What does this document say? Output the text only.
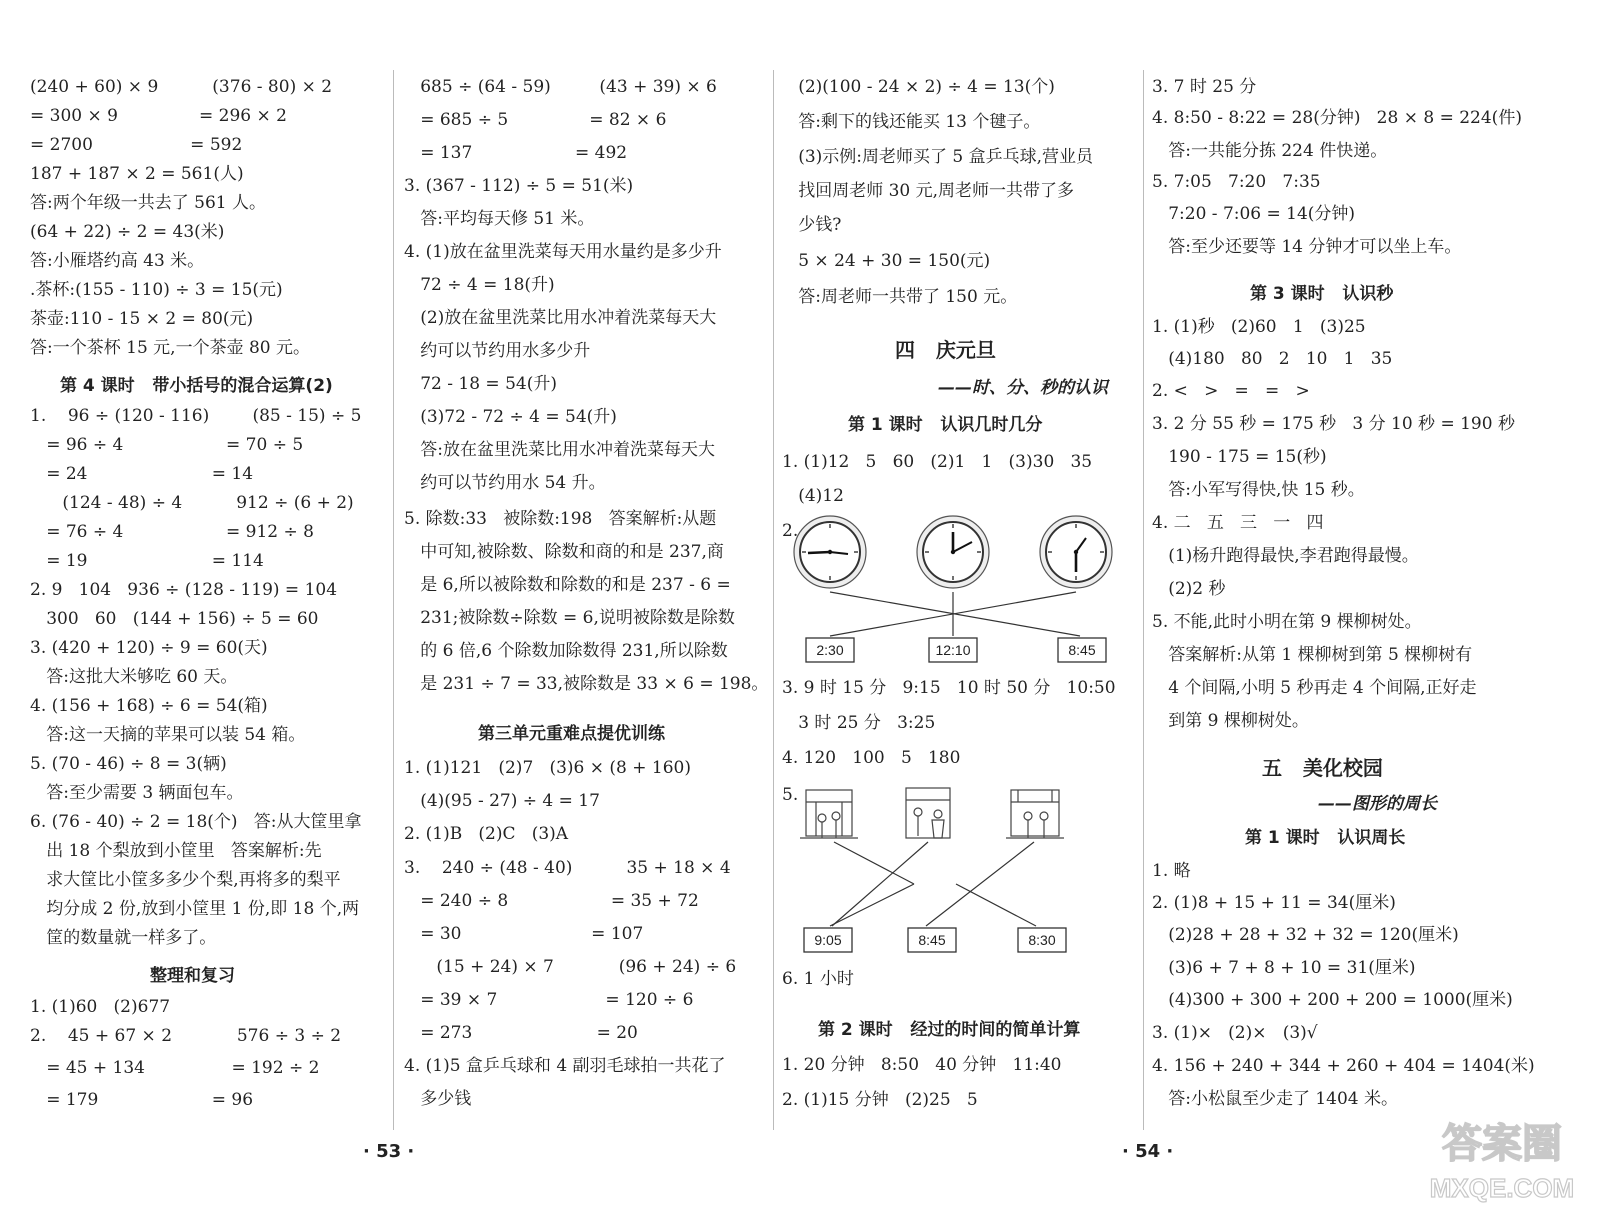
(240 + 60) × 9          (376 - 80) × 2
= 300 × 9               = 296 × 2
= 2700                  = 592
187 + 187 × 2 = 561(人)
答:两个年级一共去了 561 人。
(64 + 22) ÷ 2 = 43(米)
答:小雁塔约高 43 米。
.茶杯:(155 - 110) ÷ 3 = 15(元)
茶壶:110 - 15 × 2 = 80(元)
答:一个茶杯 15 元,一个茶壶 80 元。
第 4 课时   带小括号的混合运算(2)
1.    96 ÷ (120 - 116)        (85 - 15) ÷ 5
= 96 ÷ 4                   = 70 ÷ 5
= 24                       = 14
(124 - 48) ÷ 4          912 ÷ (6 + 2)
= 76 ÷ 4                   = 912 ÷ 8
= 19                       = 114
2. 9   104   936 ÷ (128 - 119) = 104
300   60   (144 + 156) ÷ 5 = 60
3. (420 + 120) ÷ 9 = 60(天)
答:这批大米够吃 60 天。
4. (156 + 168) ÷ 6 = 54(箱)
答:这一天摘的苹果可以装 54 箱。
5. (70 - 46) ÷ 8 = 3(辆)
答:至少需要 3 辆面包车。
6. (76 - 40) ÷ 2 = 18(个)   答:从大筐里拿
出 18 个梨放到小筐里   答案解析:先
求大筐比小筐多多少个梨,再将多的梨平
均分成 2 份,放到小筐里 1 份,即 18 个,两
筐的数量就一样多了。
整理和复习
1. (1)60   (2)677
2.    45 + 67 × 2            576 ÷ 3 ÷ 2
= 45 + 134                = 192 ÷ 2
= 179                     = 96
685 ÷ (64 - 59)         (43 + 39) × 6
= 685 ÷ 5               = 82 × 6
= 137                   = 492
3. (367 - 112) ÷ 5 = 51(米)
答:平均每天修 51 米。
4. (1)放在盆里洗菜每天用水量约是多少升
72 ÷ 4 = 18(升)
(2)放在盆里洗菜比用水冲着洗菜每天大
约可以节约用水多少升
72 - 18 = 54(升)
(3)72 - 72 ÷ 4 = 54(升)
答:放在盆里洗菜比用水冲着洗菜每天大
约可以节约用水 54 升。
5. 除数:33   被除数:198   答案解析:从题
中可知,被除数、除数和商的和是 237,商
是 6,所以被除数和除数的和是 237 - 6 =
231;被除数÷除数 = 6,说明被除数是除数
的 6 倍,6 个除数加除数得 231,所以除数
是 231 ÷ 7 = 33,被除数是 33 × 6 = 198。
第三单元重难点提优训练
1. (1)121   (2)7   (3)6 × (8 + 160)
(4)(95 - 27) ÷ 4 = 17
2. (1)B   (2)C   (3)A
3.    240 ÷ (48 - 40)          35 + 18 × 4
= 240 ÷ 8                   = 35 + 72
= 30                        = 107
(15 + 24) × 7            (96 + 24) ÷ 6
= 39 × 7                    = 120 ÷ 6
= 273                       = 20
4. (1)5 盒乒乓球和 4 副羽毛球拍一共花了
多少钱
(2)(100 - 24 × 2) ÷ 4 = 13(个)
答:剩下的钱还能买 13 个毽子。
(3)示例:周老师买了 5 盒乒乓球,营业员
找回周老师 30 元,周老师一共带了多
少钱?
5 × 24 + 30 = 150(元)
答:周老师一共带了 150 元。
四   庆元旦
——时、分、秒的认识
第 1 课时   认识几时几分
1. (1)12   5   60   (2)1   1   (3)30   35
(4)12
2.
2:30	12:10	8:45
3. 9 时 15 分   9:15   10 时 50 分   10:50
3 时 25 分   3:25
4. 120   100   5   180
5.
9:05	8:45	8:30
6. 1 小时
第 2 课时   经过的时间的简单计算
1. 20 分钟   8:50   40 分钟   11:40
2. (1)15 分钟   (2)25   5
3. 7 时 25 分
4. 8:50 - 8:22 = 28(分钟)   28 × 8 = 224(件)
答:一共能分拣 224 件快递。
5. 7:05   7:20   7:35
7:20 - 7:06 = 14(分钟)
答:至少还要等 14 分钟才可以坐上车。
第 3 课时   认识秒
1. (1)秒   (2)60   1   (3)25
(4)180   80   2   10   1   35
2. <   >   =   =   >
3. 2 分 55 秒 = 175 秒   3 分 10 秒 = 190 秒
190 - 175 = 15(秒)
答:小军写得快,快 15 秒。
4. 二   五   三   一   四
(1)杨升跑得最快,李君跑得最慢。
(2)2 秒
5. 不能,此时小明在第 9 棵柳树处。
答案解析:从第 1 棵柳树到第 5 棵柳树有
4 个间隔,小明 5 秒再走 4 个间隔,正好走
到第 9 棵柳树处。
五   美化校园
——图形的周长
第 1 课时   认识周长
1. 略
2. (1)8 + 15 + 11 = 34(厘米)
(2)28 + 28 + 32 + 32 = 120(厘米)
(3)6 + 7 + 8 + 10 = 31(厘米)
(4)300 + 300 + 200 + 200 = 1000(厘米)
3. (1)×   (2)×   (3)√
4. 156 + 240 + 344 + 260 + 404 = 1404(米)
答:小松鼠至少走了 1404 米。
· 53 ·	· 54 ·	答案圈
MXQE.COM
